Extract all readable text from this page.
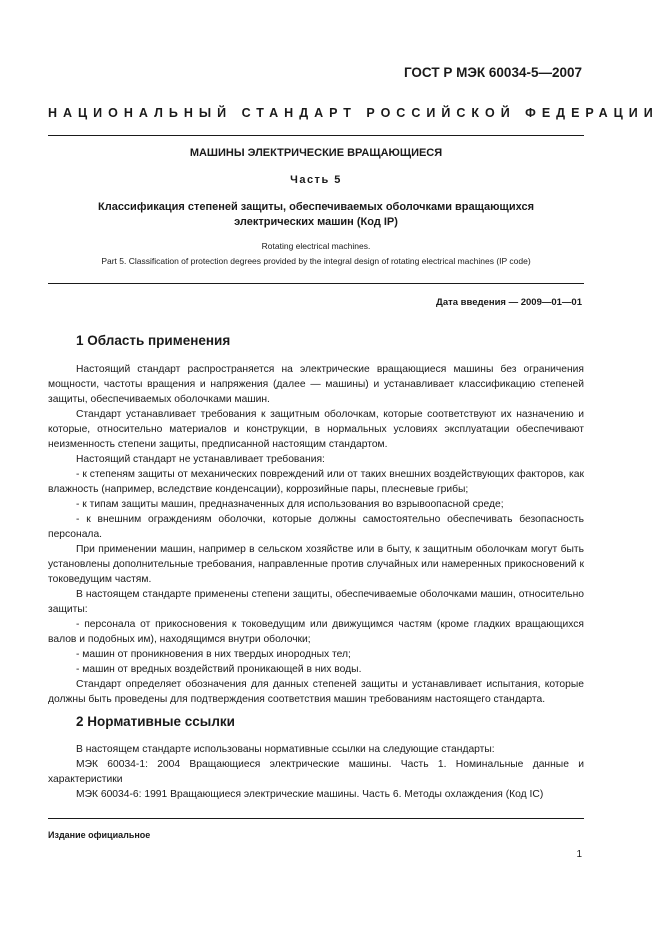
ГОСТ Р МЭК 60034-5—2007
НАЦИОНАЛЬНЫЙ СТАНДАРТ РОССИЙСКОЙ ФЕДЕРАЦИИ
МАШИНЫ ЭЛЕКТРИЧЕСКИЕ ВРАЩАЮЩИЕСЯ
Часть 5
Классификация степеней защиты, обеспечиваемых оболочками вращающихся
электрических машин (Код IP)
Rotating electrical machines.
Part 5. Classification of protection degrees provided by the integral design of rotating electrical machines (IP code)
Дата введения — 2009—01—01
1 Область применения

Настоящий стандарт распространяется на электрические вращающиеся машины без ограничения мощности, частоты вращения и напряжения (далее — машины) и устанавливает классификацию степеней защиты, обеспечиваемых оболочками машин.

Стандарт устанавливает требования к защитным оболочкам, которые соответствуют их назначению и которые, относительно материалов и конструкции, в нормальных условиях эксплуатации обеспечивают неизменность степени защиты, предписанной настоящим стандартом.

Настоящий стандарт не устанавливает требования:

- к степеням защиты от механических повреждений или от таких внешних воздействующих факторов, как влажность (например, вследствие конденсации), коррозийные пары, плесневые грибы;

- к типам защиты машин, предназначенных для использования во взрывоопасной среде;

- к внешним ограждениям оболочки, которые должны самостоятельно обеспечивать безопасность персонала.

При применении машин, например в сельском хозяйстве или в быту, к защитным оболочкам могут быть установлены дополнительные требования, направленные против случайных или намеренных прикосновений к токоведущим частям.

В настоящем стандарте применены степени защиты, обеспечиваемые оболочками машин, относительно защиты:

- персонала от прикосновения к токоведущим или движущимся частям (кроме гладких вращающихся валов и подобных им), находящимся внутри оболочки;

- машин от проникновения в них твердых инородных тел;

- машин от вредных воздействий проникающей в них воды.

Стандарт определяет обозначения для данных степеней защиты и устанавливает испытания, которые должны быть проведены для подтверждения соответствия машин требованиям настоящего стандарта.

2 Нормативные ссылки

В настоящем стандарте использованы нормативные ссылки на следующие стандарты:

МЭК 60034-1: 2004 Вращающиеся электрические машины. Часть 1. Номинальные данные и характеристики

МЭК 60034-6: 1991 Вращающиеся электрические машины. Часть 6. Методы охлаждения (Код IC)

Издание официальное
1
